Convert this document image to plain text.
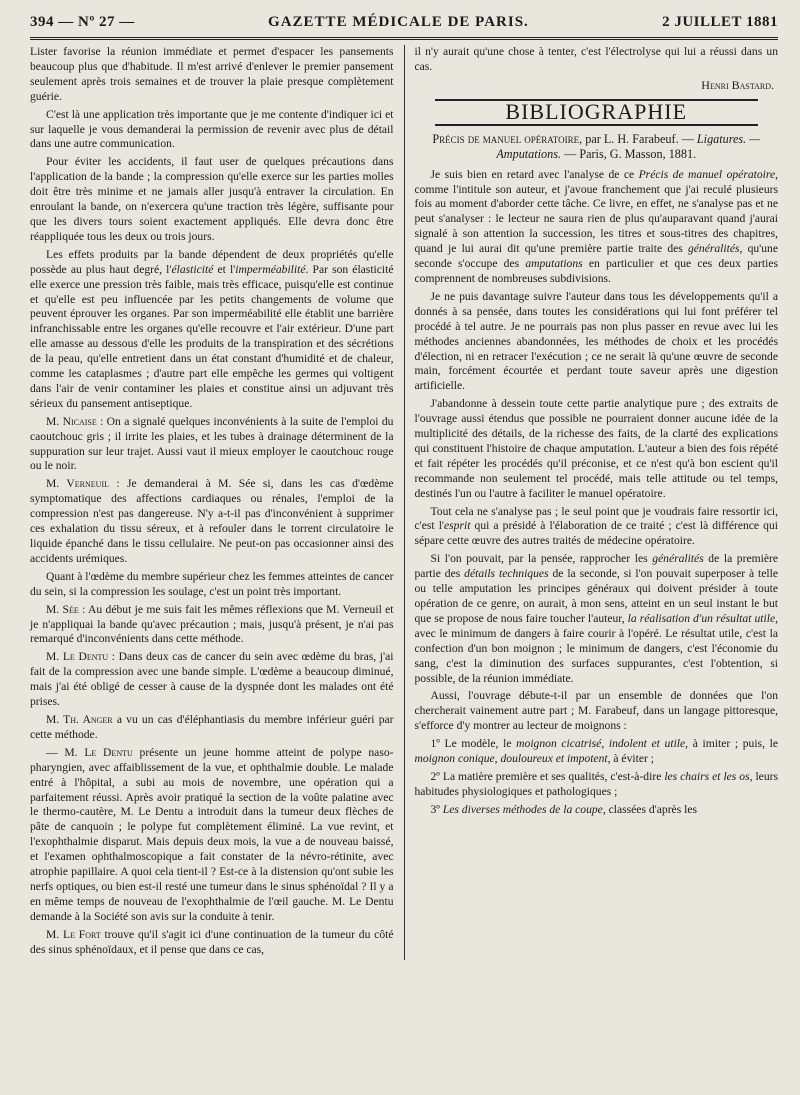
394 — Nº 27 —	GAZETTE MÉDICALE DE PARIS.	2 JUILLET 1881

Lister favorise la réunion immédiate et permet d'espacer les pansements beaucoup plus que d'habitude. Il m'est arrivé d'enlever le premier pansement seulement après trois semaines et de trouver la plaie presque complètement guérie.

C'est là une application très importante que je me contente d'indiquer ici et sur laquelle je vous demanderai la permission de revenir avec plus de détail dans une autre communication.

Pour éviter les accidents, il faut user de quelques précautions dans l'application de la bande ; la compression qu'elle exerce sur les parties molles doit être très minime et ne jamais aller jusqu'à entraver la circulation. En enroulant la bande, on n'exercera qu'une traction très légère, suffisante pour que les divers tours soient exactement appliqués. Elle devra donc être réappliquée tous les deux ou trois jours.

Les effets produits par la bande dépendent de deux propriétés qu'elle possède au plus haut degré, l'élasticité et l'imperméabilité. Par son élasticité elle exerce une pression très faible, mais très efficace, puisqu'elle est continue et qu'elle est peu influencée par les petits changements de volume que peuvent éprouver les organes. Par son imperméabilité elle établit une barrière infranchissable entre les organes qu'elle recouvre et l'air extérieur. D'une part elle amasse au dessous d'elle les produits de la transpiration et des sécrétions de la peau, qu'elle entretient dans un état constant d'humidité et de chaleur, comme les cataplasmes ; d'autre part elle empêche les germes qui voltigent dans l'air de venir contaminer les plaies et constitue ainsi un adjuvant très sérieux du pansement antiseptique.

M. Nicaise : On a signalé quelques inconvénients à la suite de l'emploi du caoutchouc gris ; il irrite les plaies, et les tubes à drainage déterminent de la suppuration sur leur trajet. Aussi vaut il mieux employer le caoutchouc rouge ou le noir.

M. Verneuil : Je demanderai à M. Sée si, dans les cas d'œdème symptomatique des affections cardiaques ou rénales, l'emploi de la compression n'est pas dangereuse. N'y a-t-il pas d'inconvénient à supprimer ces exhalation du tissu séreux, et à refouler dans le torrent circulatoire le liquide épanché dans le tissu cellulaire. Ne peut-on pas occasionner ainsi des accidents urémiques.

Quant à l'œdème du membre supérieur chez les femmes atteintes de cancer du sein, si la compression les soulage, c'est un point très important.

M. Sée : Au début je me suis fait les mêmes réflexions que M. Verneuil et je n'appliquai la bande qu'avec précaution ; mais, jusqu'à présent, je n'ai pas remarqué d'inconvénients dans cette méthode.

M. Le Dentu : Dans deux cas de cancer du sein avec œdème du bras, j'ai fait de la compression avec une bande simple. L'œdème a beaucoup diminué, mais j'ai été obligé de cesser à cause de la dyspnée dont les malades ont été prises.

M. Th. Anger a vu un cas d'éléphantiasis du membre inférieur guéri par cette méthode.

— M. Le Dentu présente un jeune homme atteint de polype naso-pharyngien, avec affaiblissement de la vue, et ophthalmie double. Le malade entré à l'hôpital, a subi au mois de novembre, une opération qui a parfaitement réussi. Après avoir pratiqué la section de la voûte palatine avec le thermo-cautère, M. Le Dentu a introduit dans la tumeur deux flèches de pâte de canquoin ; le polype fut complètement éliminé. La vue revint, et l'exophthalmie disparut. Mais depuis deux mois, la vue a de nouveau baissé, et l'examen ophthalmoscopique a fait constater de la névro-rétinite, avec atrophie papillaire. A quoi cela tient-il ? Est-ce à la distension qu'ont subie les nerfs optiques, ou bien est-il resté une tumeur dans le sinus sphénoïdal ? Il y a en même temps de nouveau de l'exophthalmie de l'œil gauche. M. Le Dentu demande à la Société son avis sur la conduite à tenir.

M. Le Fort trouve qu'il s'agit ici d'une continuation de la tumeur du côté des sinus sphénoïdaux, et il pense que dans ce cas,

il n'y aurait qu'une chose à tenter, c'est l'électrolyse qui lui a réussi dans un cas.

Henri Bastard.
BIBLIOGRAPHIE

Précis de manuel opératoire, par L. H. Farabeuf. — Ligatures. — Amputations. — Paris, G. Masson, 1881.

Je suis bien en retard avec l'analyse de ce Précis de manuel opératoire, comme l'intitule son auteur, et j'avoue franchement que j'ai reculé plusieurs fois au moment d'aborder cette tâche. Ce livre, en effet, ne s'analyse pas et ne peut s'analyser : le lecteur ne saura rien de plus qu'auparavant quand j'aurai signalé à son attention la succession, les titres et sous-titres des chapitres, quand je lui aurai dit qu'une première partie traite des généralités, qu'une seconde s'occupe des amputations en particulier et que ces deux parties comprennent de nombreuses subdivisions.

Je ne puis davantage suivre l'auteur dans tous les développements qu'il a donnés à sa pensée, dans toutes les considérations qui lui font préférer tel procédé à tel autre. Je ne pourrais pas non plus passer en revue avec lui les méthodes anciennes abandonnées, les méthodes de choix et les procédés d'élection, ni en retracer l'exécution ; ce ne serait là qu'une œuvre de seconde main, forcément écourtée et perdant toute saveur après une digestion artificielle.

J'abandonne à dessein toute cette partie analytique pure ; des extraits de l'ouvrage aussi étendus que possible ne pourraient donner aucune idée de la multiplicité des détails, de la richesse des faits, de la clarté des explications qui constituent l'histoire de chaque amputation. L'auteur a bien des fois répété et fait répéter les procédés qu'il préconise, et ce n'est qu'à bon escient qu'il recommande non seulement tel procédé, mais telle attitude ou tel temps, destinés l'un ou l'autre à faciliter le manuel opératoire.

Tout cela ne s'analyse pas ; le seul point que je voudrais faire ressortir ici, c'est l'esprit qui a présidé à l'élaboration de ce traité ; c'est là différence qui sépare cette œuvre des autres traités de médecine opératoire.

Si l'on pouvait, par la pensée, rapprocher les généralités de la première partie des détails techniques de la seconde, si l'on pouvait superposer à telle ou telle amputation les principes généraux qui doivent présider à toute opération de ce genre, on aurait, à mon sens, atteint en un seul instant le but que se propose de nous faire toucher l'auteur, la réalisation d'un résultat utile, avec le minimum de dangers à faire courir à l'opéré. Le résultat utile, c'est la confection d'un bon moignon ; le minimum de dangers, c'est l'économie du sang, c'est la diminution des surfaces suppurantes, c'est l'obtention, si possible, de la réunion immédiate.

Aussi, l'ouvrage débute-t-il par un ensemble de données que l'on chercherait vainement autre part ; M. Farabeuf, dans un langage pittoresque, s'efforce d'y montrer au lecteur de moignons :

1º Le modèle, le moignon cicatrisé, indolent et utile, à imiter ; puis, le moignon conique, douloureux et impotent, à éviter ;

2º La matière première et ses qualités, c'est-à-dire les chairs et les os, leurs habitudes physiologiques et pathologiques ;

3º Les diverses méthodes de la coupe, classées d'après les
